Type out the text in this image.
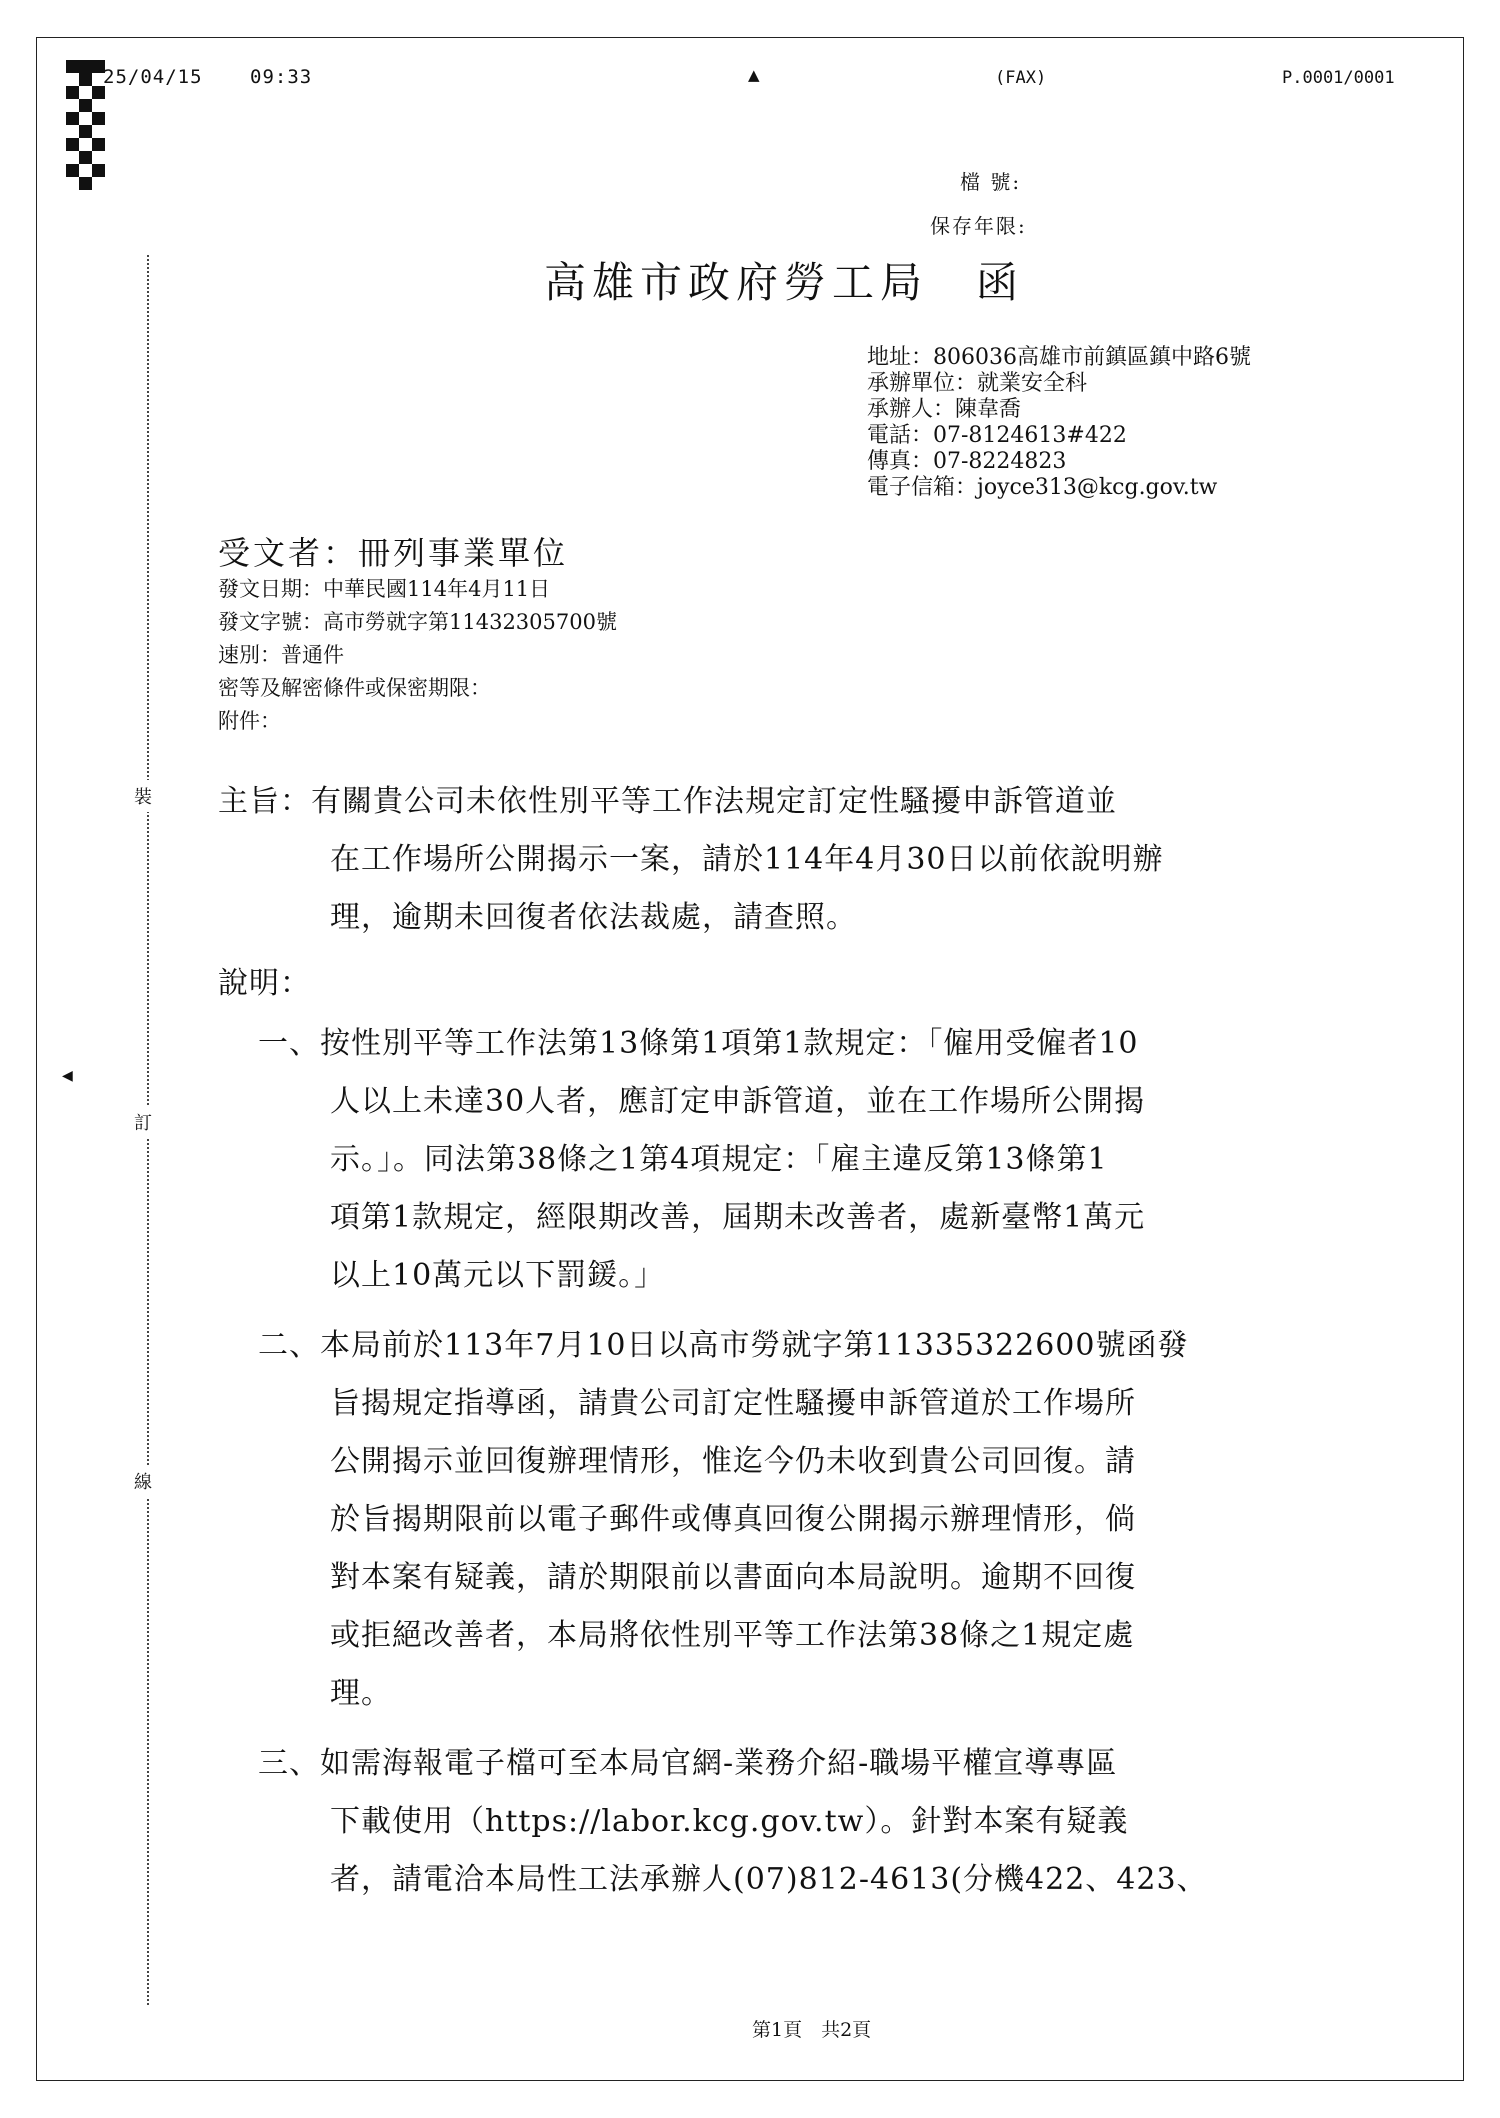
25/04/15 09:33	▲	(FAX)	P.0001/0001
裝
訂
線
◀
檔 號:
保存年限:
高雄市政府勞工局　函
地址：806036高雄市前鎮區鎮中路6號
承辦單位：就業安全科
承辦人：陳韋喬
電話：07-8124613#422
傳真：07-8224823
電子信箱：joyce313@kcg.gov.tw
受文者：冊列事業單位
發文日期：中華民國114年4月11日
發文字號：高市勞就字第11432305700號
速別：普通件
密等及解密條件或保密期限：
附件：
主旨：有關貴公司未依性別平等工作法規定訂定性騷擾申訴管道並
在工作場所公開揭示一案，請於114年4月30日以前依說明辦
理，逾期未回復者依法裁處，請查照。
說明：
一、按性別平等工作法第13條第1項第1款規定：「僱用受僱者10
人以上未達30人者，應訂定申訴管道，並在工作場所公開揭
示。」。同法第38條之1第4項規定：「雇主違反第13條第1
項第1款規定，經限期改善，屆期未改善者，處新臺幣1萬元
以上10萬元以下罰鍰。」
二、本局前於113年7月10日以高市勞就字第11335322600號函發
旨揭規定指導函，請貴公司訂定性騷擾申訴管道於工作場所
公開揭示並回復辦理情形，惟迄今仍未收到貴公司回復。請
於旨揭期限前以電子郵件或傳真回復公開揭示辦理情形，倘
對本案有疑義，請於期限前以書面向本局說明。逾期不回復
或拒絕改善者，本局將依性別平等工作法第38條之1規定處
理。
三、如需海報電子檔可至本局官網-業務介紹-職場平權宣導專區
下載使用（https://labor.kcg.gov.tw）。針對本案有疑義
者，請電洽本局性工法承辦人(07)812-4613(分機422、423、
第1頁　共2頁
